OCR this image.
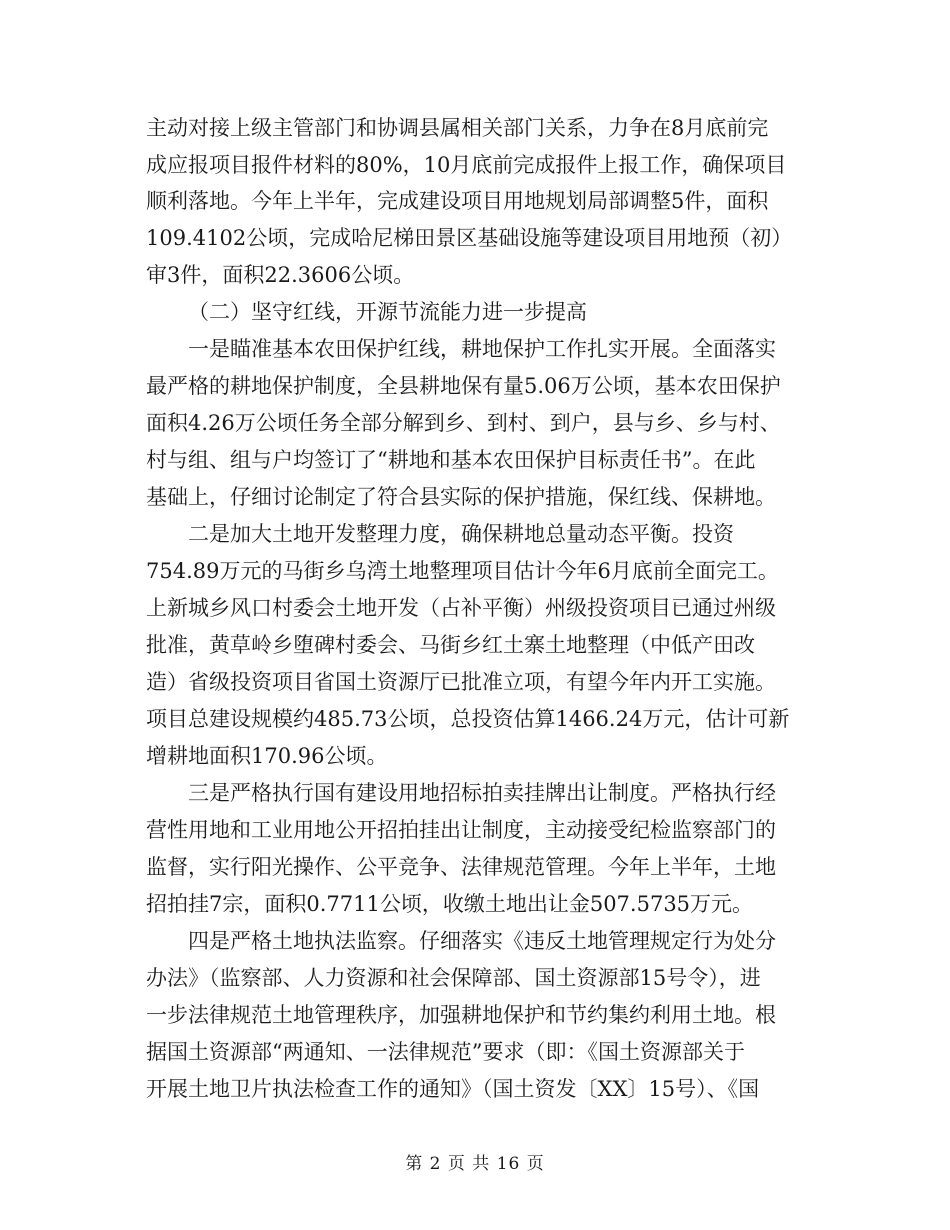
主动对接上级主管部门和协调县属相关部门关系，力争在8月底前完
成应报项目报件材料的80%，10月底前完成报件上报工作，确保项目
顺利落地。今年上半年，完成建设项目用地规划局部调整5件，面积
109.4102公顷，完成哈尼梯田景区基础设施等建设项目用地预（初）
审3件，面积22.3606公顷。
（二）坚守红线，开源节流能力进一步提高
一是瞄准基本农田保护红线，耕地保护工作扎实开展。全面落实
最严格的耕地保护制度，全县耕地保有量5.06万公顷，基本农田保护
面积4.26万公顷任务全部分解到乡、到村、到户，县与乡、乡与村、
村与组、组与户均签订了“耕地和基本农田保护目标责任书”。在此
基础上，仔细讨论制定了符合县实际的保护措施，保红线、保耕地。
二是加大土地开发整理力度，确保耕地总量动态平衡。投资
754.89万元的马街乡乌湾土地整理项目估计今年6月底前全面完工。
上新城乡风口村委会土地开发（占补平衡）州级投资项目已通过州级
批准，黄草岭乡堕碑村委会、马街乡红土寨土地整理（中低产田改
造）省级投资项目省国土资源厅已批准立项，有望今年内开工实施。
项目总建设规模约485.73公顷，总投资估算1466.24万元，估计可新
增耕地面积170.96公顷。
三是严格执行国有建设用地招标拍卖挂牌出让制度。严格执行经
营性用地和工业用地公开招拍挂出让制度，主动接受纪检监察部门的
监督，实行阳光操作、公平竞争、法律规范管理。今年上半年，土地
招拍挂7宗，面积0.7711公顷，收缴土地出让金507.5735万元。
四是严格土地执法监察。仔细落实《违反土地管理规定行为处分
办法》（监察部、人力资源和社会保障部、国土资源部15号令），进
一步法律规范土地管理秩序，加强耕地保护和节约集约利用土地。根
据国土资源部“两通知、一法律规范”要求（即：《国土资源部关于
开展土地卫片执法检查工作的通知》（国土资发〔XX〕15号）、《国
第 2 页 共 16 页
